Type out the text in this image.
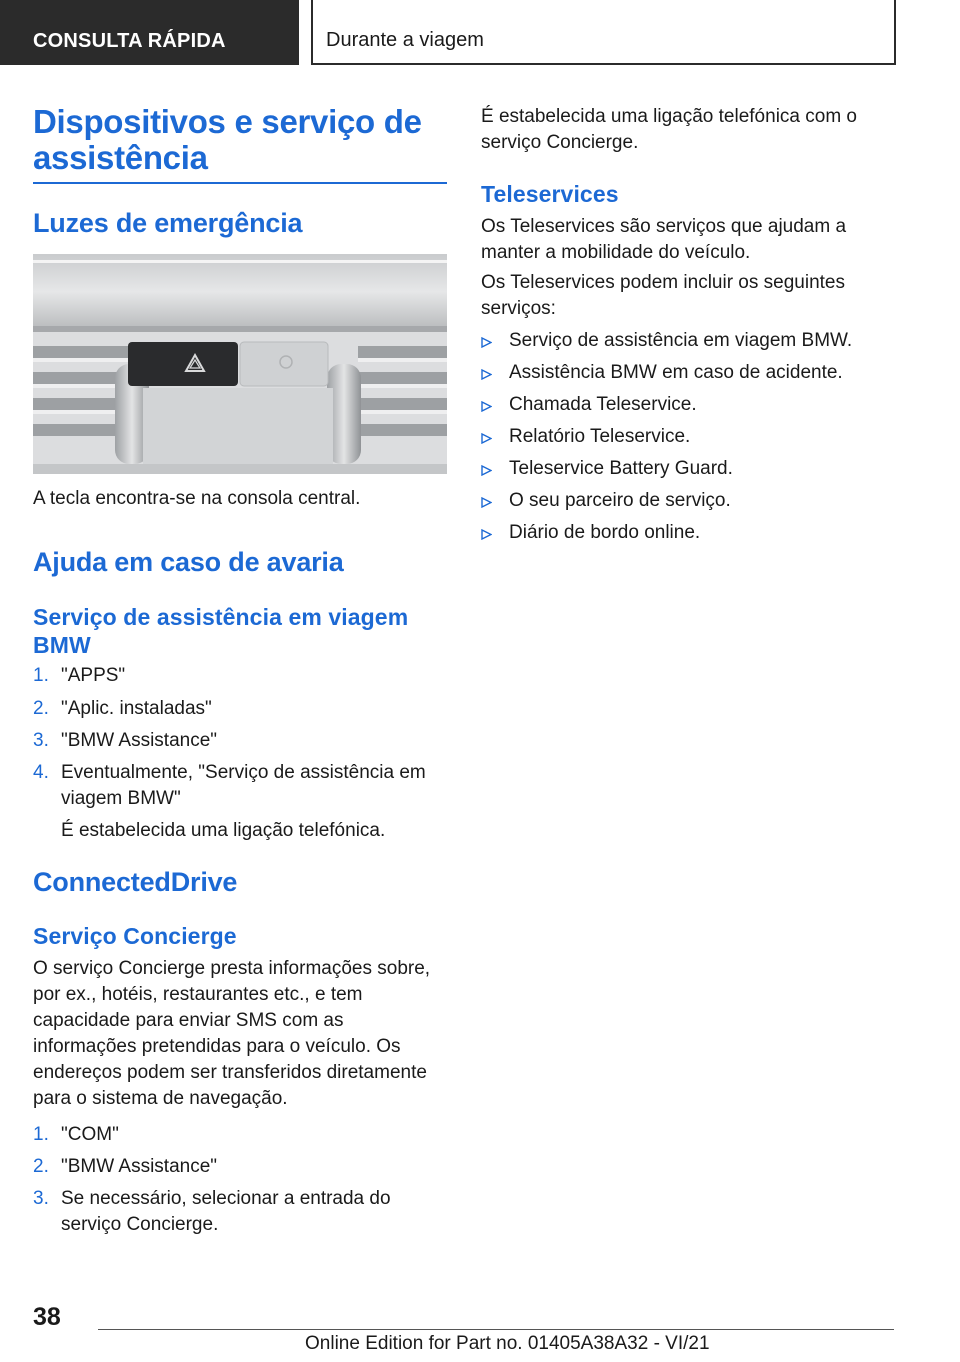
CONSULTA RÁPIDA	Durante a viagem
Dispositivos e serviço de assistência
Luzes de emergência
A tecla encontra-se na consola central.
Ajuda em caso de avaria
Serviço de assistência em viagem BMW
1. "APPS"
2. "Aplic. instaladas"
3. "BMW Assistance"
4. Eventualmente, "Serviço de assistência em viagem BMW"
É estabelecida uma ligação telefónica.
ConnectedDrive
Serviço Concierge
O serviço Concierge presta informações sobre, por ex., hotéis, restaurantes etc., e tem capacidade para enviar SMS com as informações pretendidas para o veículo. Os endereços podem ser transferidos diretamente para o sistema de navegação.
1. "COM"
2. "BMW Assistance"
3. Se necessário, selecionar a entrada do serviço Concierge.
É estabelecida uma ligação telefónica com o serviço Concierge.
Teleservices
Os Teleservices são serviços que ajudam a manter a mobilidade do veículo.
Os Teleservices podem incluir os seguintes serviços:
Serviço de assistência em viagem BMW.
Assistência BMW em caso de acidente.
Chamada Teleservice.
Relatório Teleservice.
Teleservice Battery Guard.
O seu parceiro de serviço.
Diário de bordo online.
38
Online Edition for Part no. 01405A38A32 - VI/21
